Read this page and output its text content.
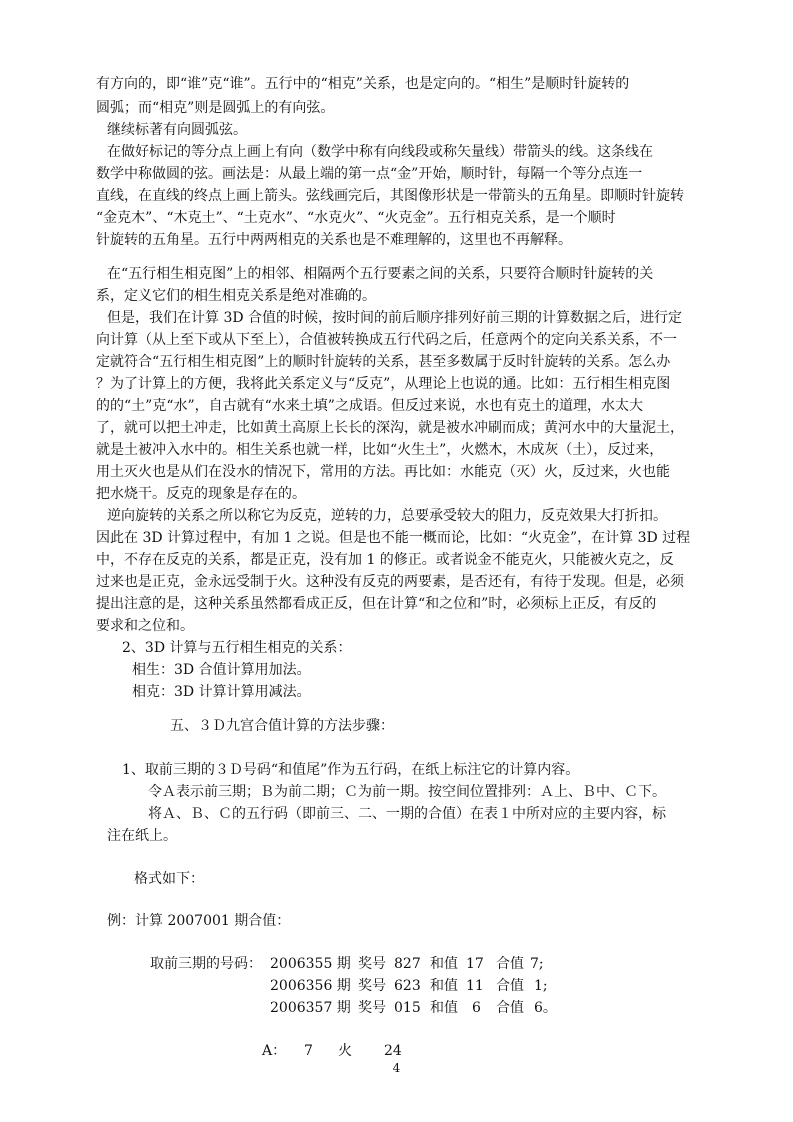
有方向的，即“谁”克“谁”。五行中的“相克”关系，也是定向的。“相生”是顺时针旋转的
圆弧；而“相克”则是圆弧上的有向弦。
继续标著有向圆弧弦。
在做好标记的等分点上画上有向（数学中称有向线段或称矢量线）带箭头的线。这条线在
数学中称做圆的弦。画法是：从最上端的第一点“金”开始，顺时针，每隔一个等分点连一
直线，在直线的终点上画上箭头。弦线画完后，其图像形状是一带箭头的五角星。即顺时针旋转
“金克木”、“木克土”、“土克水”、“水克火”、“火克金”。五行相克关系，是一个顺时
针旋转的五角星。五行中两两相克的关系也是不难理解的，这里也不再解释。
在“五行相生相克图”上的相邻、相隔两个五行要素之间的关系，只要符合顺时针旋转的关
系，定义它们的相生相克关系是绝对准确的。
但是，我们在计算 3D 合值的时候，按时间的前后顺序排列好前三期的计算数据之后，进行定
向计算（从上至下或从下至上），合值被转换成五行代码之后，任意两个的定向关系关系，不一
定就符合“五行相生相克图”上的顺时针旋转的关系，甚至多数属于反时针旋转的关系。怎么办
？为了计算上的方便，我将此关系定义与“反克”，从理论上也说的通。比如：五行相生相克图
的的“土”克“水”，自古就有“水来土填”之成语。但反过来说，水也有克土的道理，水太大
了，就可以把土冲走，比如黄土高原上长长的深沟，就是被水冲刷而成；黄河水中的大量泥土，
就是土被冲入水中的。相生关系也就一样，比如“火生土”，火燃木，木成灰（土），反过来，
用土灭火也是从们在没水的情况下，常用的方法。再比如：水能克（灭）火，反过来，火也能
把水烧干。反克的现象是存在的。
逆向旋转的关系之所以称它为反克，逆转的力，总要承受较大的阻力，反克效果大打折扣。
因此在 3D 计算过程中，有加 1 之说。但是也不能一概而论，比如：“火克金”，在计算 3D 过程
中，不存在反克的关系，都是正克，没有加 1 的修正。或者说金不能克火，只能被火克之，反
过来也是正克，金永远受制于火。这种没有反克的两要素，是否还有，有待于发现。但是，必须
提出注意的是，这种关系虽然都看成正反，但在计算“和之位和”时，必须标上正反，有反的
要求和之位和。
2、3D 计算与五行相生相克的关系：
相生：3D 合值计算用加法。
相克：3D 计算计算用减法。
五、３Ｄ九宫合值计算的方法步骤：
1、取前三期的３Ｄ号码“和值尾”作为五行码，在纸上标注它的计算内容。
令Ａ表示前三期；Ｂ为前二期；Ｃ为前一期。按空间位置排列：Ａ上、Ｂ中、Ｃ下。
将Ａ、Ｂ、Ｃ的五行码（即前三、二、一期的合值）在表１中所对应的主要内容，标
注在纸上。
格式如下：
例：计算 2007001 期合值：
取前三期的号码： 2006355 期 奖号 827 和值 17 合值 7;
2006356 期 奖号 623 和值 11 合值 1;
2006357 期 奖号 015 和值 6 合值 6。
A： 7 火 24
4
